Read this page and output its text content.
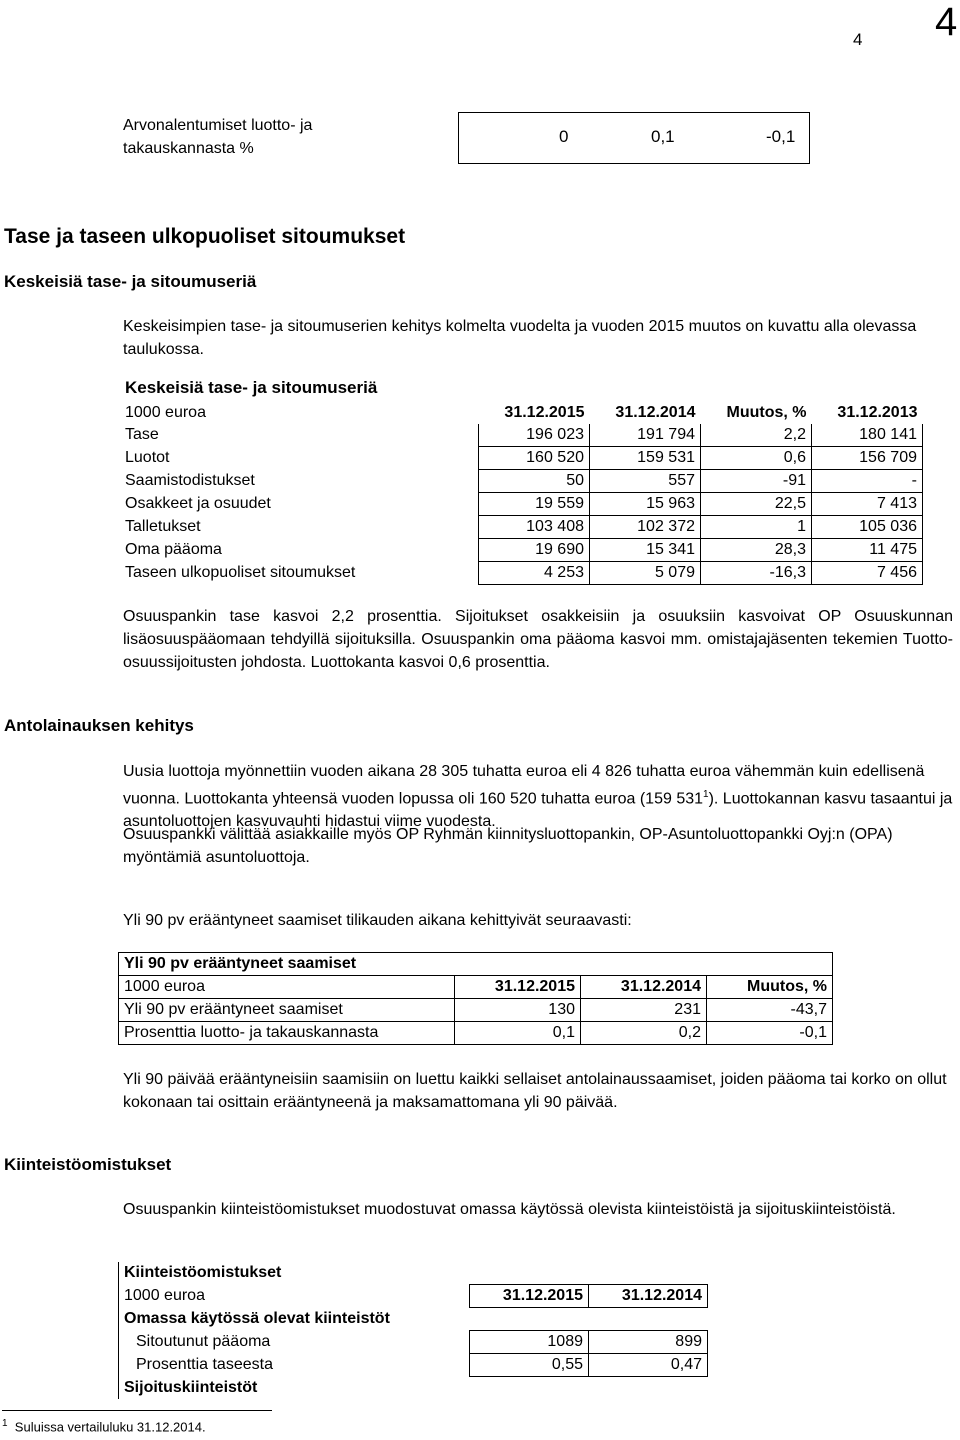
4 4
Arvonalentumiset luotto- ja takauskannasta %
0	0,1	-0,1
Tase ja taseen ulkopuoliset sitoumukset
Keskeisiä tase- ja sitoumuseriä
Keskeisimpien tase- ja sitoumuserien kehitys kolmelta vuodelta ja vuoden 2015 muutos on kuvattu alla olevassa taulukossa.
Keskeisiä tase- ja sitoumuseriä
1000 euroa	31.12.2015	31.12.2014	Muutos, %	31.12.2013
Tase	196 023	191 794	2,2	180 141
Luotot	160 520	159 531	0,6	156 709
Saamistodistukset	50	557	-91	-
Osakkeet ja osuudet	19 559	15 963	22,5	7 413
Talletukset	103 408	102 372	1	105 036
Oma pääoma	19 690	15 341	28,3	11 475
Taseen ulkopuoliset sitoumukset	4 253	5 079	-16,3	7 456
Osuuspankin tase kasvoi 2,2 prosenttia. Sijoitukset osakkeisiin ja osuuksiin kasvoivat OP Osuuskunnan lisäosuuspääomaan tehdyillä sijoituksilla. Osuuspankin oma pääoma kasvoi mm. omistajajäsenten tekemien Tuotto-osuussijoitusten johdosta. Luottokanta kasvoi 0,6 prosenttia.
Antolainauksen kehitys
Uusia luottoja myönnettiin vuoden aikana 28 305 tuhatta euroa eli 4 826 tuhatta euroa vähemmän kuin edellisenä vuonna. Luottokanta yhteensä vuoden lopussa oli 160 520 tuhatta euroa (159 $531^1$). Luottokannan kasvu tasaantui ja asuntoluottojen kasvuvauhti hidastui viime vuodesta.
Osuuspankki välittää asiakkaille myös OP Ryhmän kiinnitysluottopankin, OP-Asuntoluottopankki Oyj:n (OPA) myöntämiä asuntoluottoja.
Yli 90 pv erääntyneet saamiset tilikauden aikana kehittyivät seuraavasti:
Yli 90 pv erääntyneet saamiset			
1000 euroa	31.12.2015	31.12.2014	Muutos, %
Yli 90 pv erääntyneet saamiset	130	231	-43,7
Prosenttia luotto- ja takauskannasta	0,1	0,2	-0,1
Yli 90 päivää erääntyneisiin saamisiin on luettu kaikki sellaiset antolainaussaamiset, joiden pääoma tai korko on ollut kokonaan tai osittain erääntyneenä ja maksamattomana yli 90 päivää.
Kiinteistöomistukset
Osuuspankin kiinteistöomistukset muodostuvat omassa käytössä olevista kiinteistöistä ja sijoituskiinteistöistä.
Kiinteistöomistukset		
1000 euroa	31.12.2015	31.12.2014
Omassa käytössä olevat kiinteistöt		
Sitoutunut pääoma	1089	899
Prosenttia taseesta	0,55	0,47
Sijoituskiinteistöt		
$^1$ Suluissa vertailuluku 31.12.2014.
